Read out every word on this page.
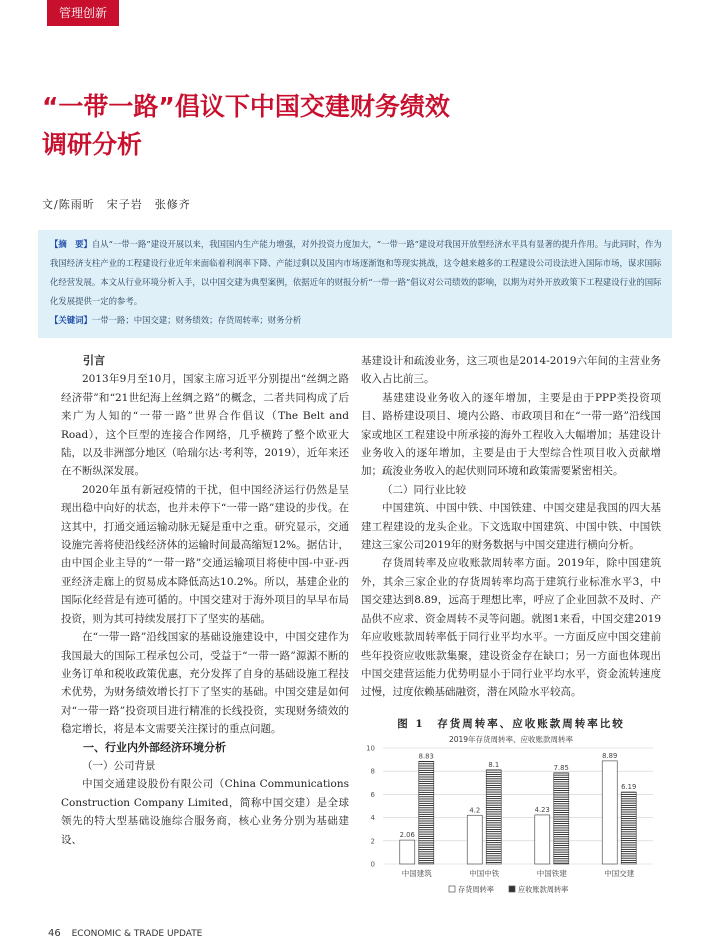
管理创新
“一带一路”倡议下中国交建财务绩效
调研分析
文/陈雨昕　宋子岩　张修齐
【摘　要】自从“一带一路”建设开展以来，我国国内生产能力增强，对外投资力度加大，“一带一路”建设对我国开放型经济水平具有显著的提升作用。与此同时，作为我国经济支柱产业的工程建设行业近年来面临着利润率下降、产能过剩以及国内市场逐渐饱和等现实挑战，这令越来越多的工程建设公司设法进入国际市场，谋求国际化经营发展。本文从行业环境分析入手，以中国交建为典型案例，依据近年的财报分析“一带一路”倡议对公司绩效的影响，以期为对外开放政策下工程建设行业的国际化发展提供一定的参考。
【关键词】一带一路；中国交建；财务绩效；存货周转率；财务分析

引言

2013年9月至10月，国家主席习近平分别提出“丝绸之路经济带”和“21世纪海上丝绸之路”的概念，二者共同构成了后来广为人知的“一带一路”世界合作倡议（The Belt and Road），这个巨型的连接合作网络，几乎横跨了整个欧亚大陆，以及非洲部分地区（哈瑞尔达·考利等，2019），近年来还在不断纵深发展。

2020年虽有新冠疫情的干扰，但中国经济运行仍然是呈现出稳中向好的状态，也并未停下“一带一路”建设的步伐。在这其中，打通交通运输动脉无疑是重中之重。研究显示，交通设施完善将使沿线经济体的运输时间最高缩短12%。据估计，由中国企业主导的“一带一路”交通运输项目将使中国-中亚-西亚经济走廊上的贸易成本降低高达10.2%。所以，基建企业的国际化经营是有迹可循的。中国交建对于海外项目的早早布局投资，则为其可持续发展打下了坚实的基础。

在“一带一路”沿线国家的基础设施建设中，中国交建作为我国最大的国际工程承包公司，受益于“一带一路”源源不断的业务订单和税收政策优惠，充分发挥了自身的基础设施工程技术优势，为财务绩效增长打下了坚实的基础。中国交建是如何对“一带一路”投资项目进行精准的长线投资，实现财务绩效的稳定增长，将是本文需要关注探讨的重点问题。

一、行业内外部经济环境分析

（一）公司背景

中国交通建设股份有限公司（China Communications Construction Company Limited，简称中国交建）是全球领先的特大型基础设施综合服务商，核心业务分别为基础建设、

基建设计和疏浚业务，这三项也是2014-2019六年间的主营业务收入占比前三。

基建建设业务收入的逐年增加，主要是由于PPP类投资项目、路桥建设项目、境内公路、市政项目和在“一带一路”沿线国家或地区工程建设中所承接的海外工程收入大幅增加；基建设计业务收入的逐年增加，主要是由于大型综合性项目收入贡献增加；疏浚业务收入的起伏则同环境和政策需要紧密相关。

（二）同行业比较

中国建筑、中国中铁、中国铁建、中国交建是我国的四大基建工程建设的龙头企业。下文选取中国建筑、中国中铁、中国铁建这三家公司2019年的财务数据与中国交建进行横向分析。

存货周转率及应收账款周转率方面。2019年，除中国建筑外，其余三家企业的存货周转率均高于建筑行业标准水平3，中国交建达到8.89，远高于理想比率，呼应了企业回款不及时、产品供不应求、资金周转不灵等问题。就图1来看，中国交建2019年应收账款周转率低于同行业平均水平。一方面反应中国交建前些年投资应收账款集聚，建设资金存在缺口；另一方面也体现出中国交建营运能力优势明显小于同行业平均水平，资金流转速度过慢，过度依赖基础融资，潜在风险水平较高。

图 1　存货周转率、应收账款周转率比较
2019年存货周转率、应收账款周转率
0
2
4
6
8
10
2.06
8.83
中国建筑
4.2
8.1
中国中铁
4.23
7.85
中国铁建
8.89
6.19
中国交建
存货周转率	应收账款周转率
46 ECONOMIC & TRADE UPDATE
